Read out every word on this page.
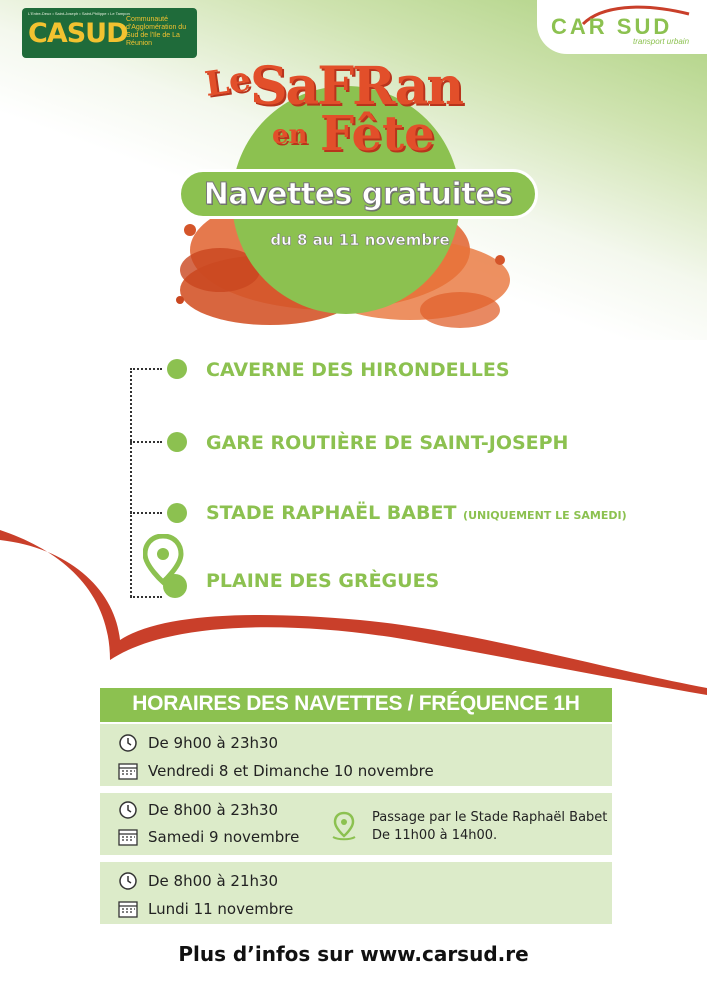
L'Entre-Deux • Saint-Joseph • Saint-Philippe • Le Tampon
CASUD
Communauté d'Agglomération du Sud de l'Ile de La Réunion
CAR SUD
transport urbain
Le
SaFRan
en Fête
Navettes gratuites
du 8 au 11 novembre
CAVERNE DES HIRONDELLES
GARE ROUTIÈRE DE SAINT-JOSEPH
STADE RAPHAËL BABET (UNIQUEMENT LE SAMEDI)
PLAINE DES GRÈGUES
HORAIRES DES NAVETTES / FRÉQUENCE 1H
De 9h00 à 23h30
Vendredi 8 et Dimanche 10 novembre
De 8h00 à 23h30
Samedi 9 novembre
Passage par le Stade Raphaël Babet
De 11h00 à 14h00.
De 8h00 à 21h30
Lundi 11 novembre
Plus d’infos sur www.carsud.re
